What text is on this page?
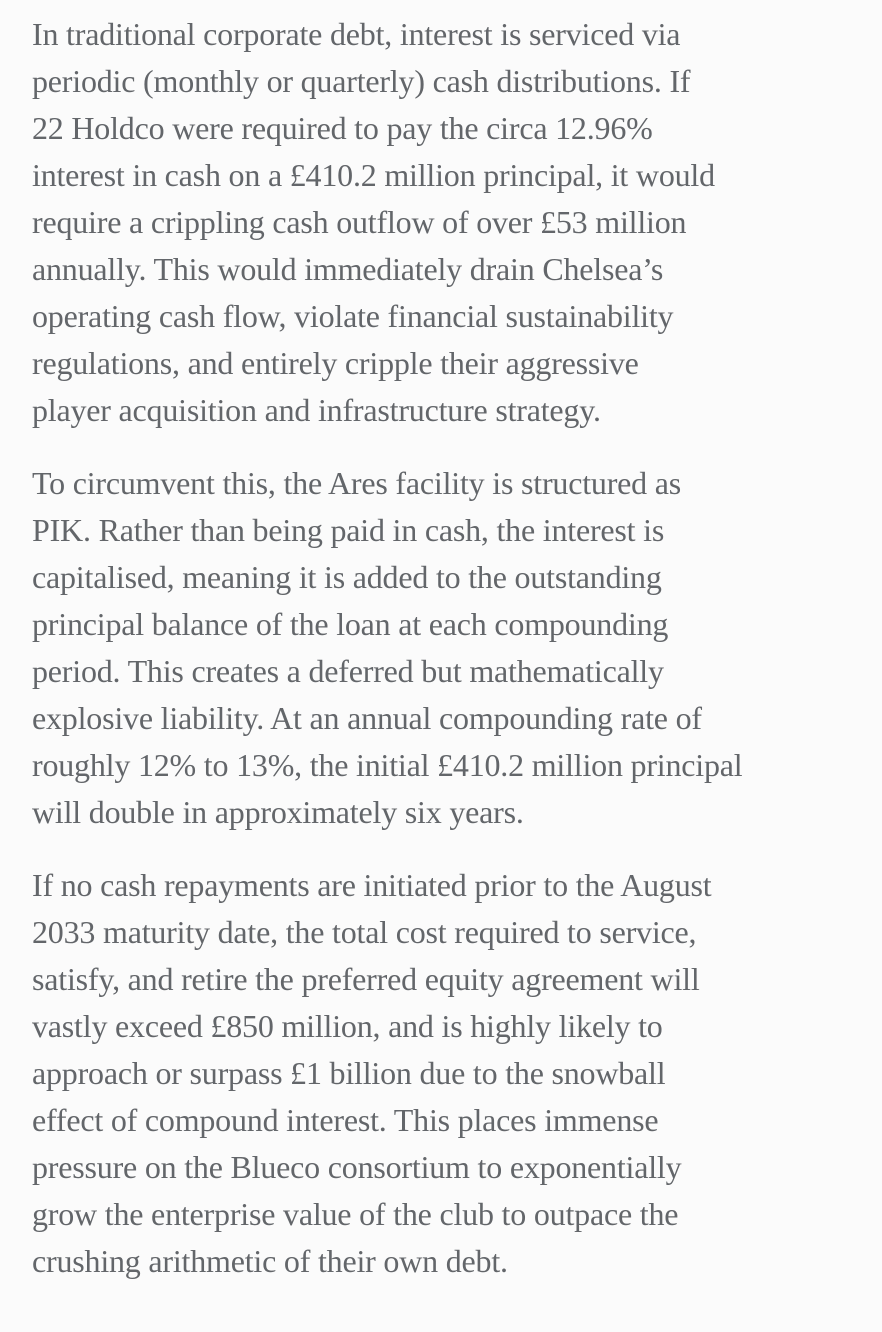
In traditional corporate debt, interest is serviced via
periodic (monthly or quarterly) cash distributions. If
22 Holdco were required to pay the circa 12.96%
interest in cash on a £410.2 million principal, it would
require a crippling cash outflow of over £53 million
annually. This would immediately drain Chelsea’s
operating cash flow, violate financial sustainability
regulations, and entirely cripple their aggressive
player acquisition and infrastructure strategy.

To circumvent this, the Ares facility is structured as
PIK. Rather than being paid in cash, the interest is
capitalised, meaning it is added to the outstanding
principal balance of the loan at each compounding
period. This creates a deferred but mathematically
explosive liability. At an annual compounding rate of
roughly 12% to 13%, the initial £410.2 million principal
will double in approximately six years.

If no cash repayments are initiated prior to the August
2033 maturity date, the total cost required to service,
satisfy, and retire the preferred equity agreement will
vastly exceed £850 million, and is highly likely to
approach or surpass £1 billion due to the snowball
effect of compound interest. This places immense
pressure on the Blueco consortium to exponentially
grow the enterprise value of the club to outpace the
crushing arithmetic of their own debt.
